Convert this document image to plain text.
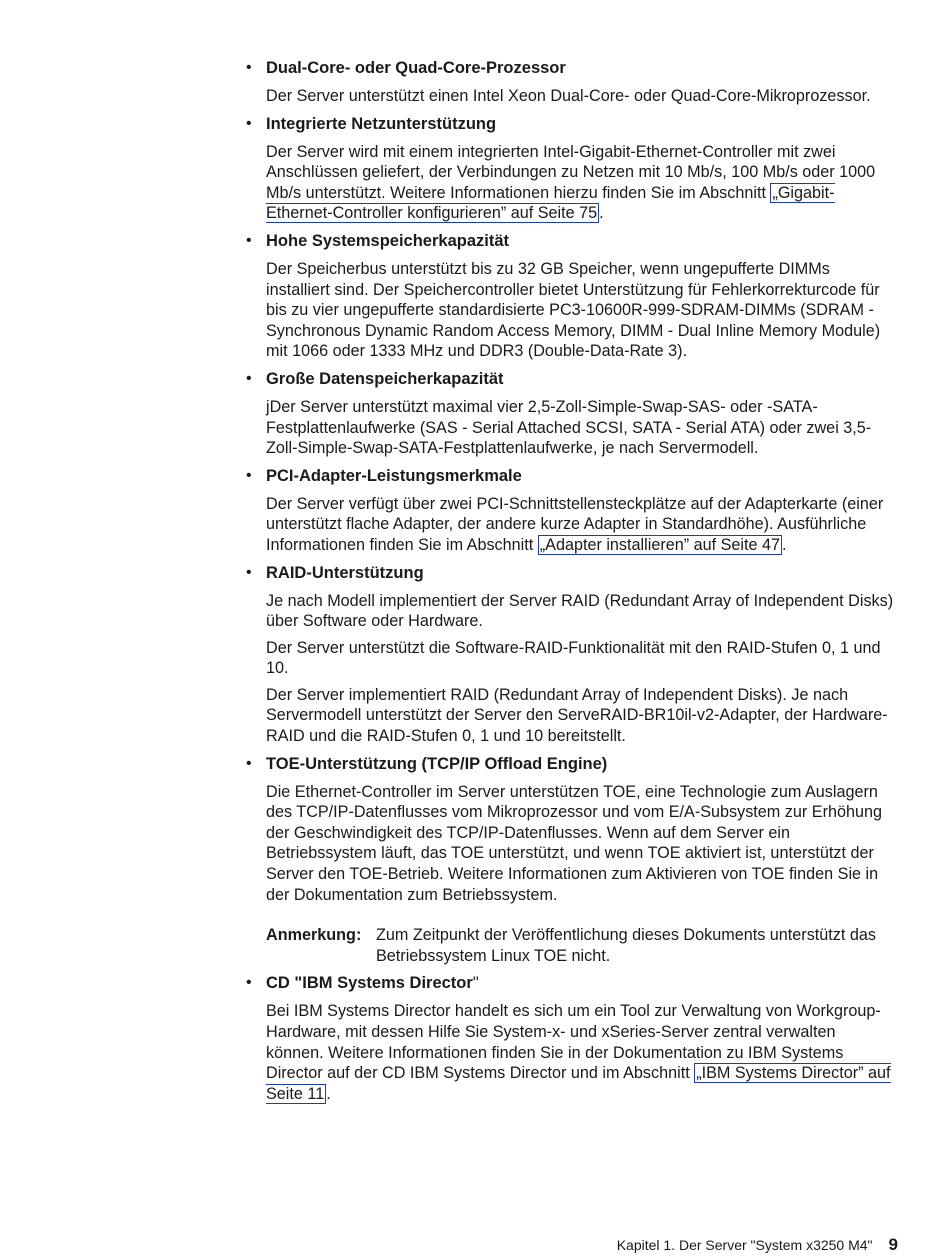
• Dual-Core- oder Quad-Core-Prozessor

Der Server unterstützt einen Intel Xeon Dual-Core- oder Quad-Core-Mikroprozessor.

• Integrierte Netzunterstützung

Der Server wird mit einem integrierten Intel-Gigabit-Ethernet-Controller mit zwei Anschlüssen geliefert, der Verbindungen zu Netzen mit 10 Mb/s, 100 Mb/s oder 1000 Mb/s unterstützt. Weitere Informationen hierzu finden Sie im Abschnitt „Gigabit-Ethernet-Controller konfigurieren” auf Seite 75 .

• Hohe Systemspeicherkapazität

Der Speicherbus unterstützt bis zu 32 GB Speicher, wenn ungepufferte DIMMs installiert sind. Der Speichercontroller bietet Unterstützung für Fehlerkorrekturcode für bis zu vier ungepufferte standardisierte PC3-10600R-999-SDRAM-DIMMs (SDRAM - Synchronous Dynamic Random Access Memory, DIMM - Dual Inline Memory Module) mit 1066 oder 1333 MHz und DDR3 (Double-Data-Rate 3).

• Große Datenspeicherkapazität

jDer Server unterstützt maximal vier 2,5-Zoll-Simple-Swap-SAS- oder -SATA-Festplattenlaufwerke (SAS - Serial Attached SCSI, SATA - Serial ATA) oder zwei 3,5-Zoll-Simple-Swap-SATA-Festplattenlaufwerke, je nach Servermodell.

• PCI-Adapter-Leistungsmerkmale

Der Server verfügt über zwei PCI-Schnittstellensteckplätze auf der Adapterkarte (einer unterstützt flache Adapter, der andere kurze Adapter in Standardhöhe). Ausführliche Informationen finden Sie im Abschnitt „Adapter installieren” auf Seite 47 .

• RAID-Unterstützung

Je nach Modell implementiert der Server RAID (Redundant Array of Independent Disks) über Software oder Hardware.

Der Server unterstützt die Software-RAID-Funktionalität mit den RAID-Stufen 0, 1 und 10.

Der Server implementiert RAID (Redundant Array of Independent Disks). Je nach Servermodell unterstützt der Server den ServeRAID-BR10il-v2-Adapter, der Hardware-RAID und die RAID-Stufen 0, 1 und 10 bereitstellt.

• TOE-Unterstützung (TCP/IP Offload Engine)

Die Ethernet-Controller im Server unterstützen TOE, eine Technologie zum Auslagern des TCP/IP-Datenflusses vom Mikroprozessor und vom E/A-Subsystem zur Erhöhung der Geschwindigkeit des TCP/IP-Datenflusses. Wenn auf dem Server ein Betriebssystem läuft, das TOE unterstützt, und wenn TOE aktiviert ist, unterstützt der Server den TOE-Betrieb. Weitere Informationen zum Aktivieren von TOE finden Sie in der Dokumentation zum Betriebssystem.

Anmerkung: Zum Zeitpunkt der Veröffentlichung dieses Dokuments unterstützt das Betriebssystem Linux TOE nicht.
• CD "IBM Systems Director"

Bei IBM Systems Director handelt es sich um ein Tool zur Verwaltung von Workgroup-Hardware, mit dessen Hilfe Sie System-x- und xSeries-Server zentral verwalten können. Weitere Informationen finden Sie in der Dokumentation zu IBM Systems Director auf der CD IBM Systems Director und im Abschnitt „IBM Systems Director” auf Seite 11 .

Kapitel 1. Der Server "System x3250 M4" 9
